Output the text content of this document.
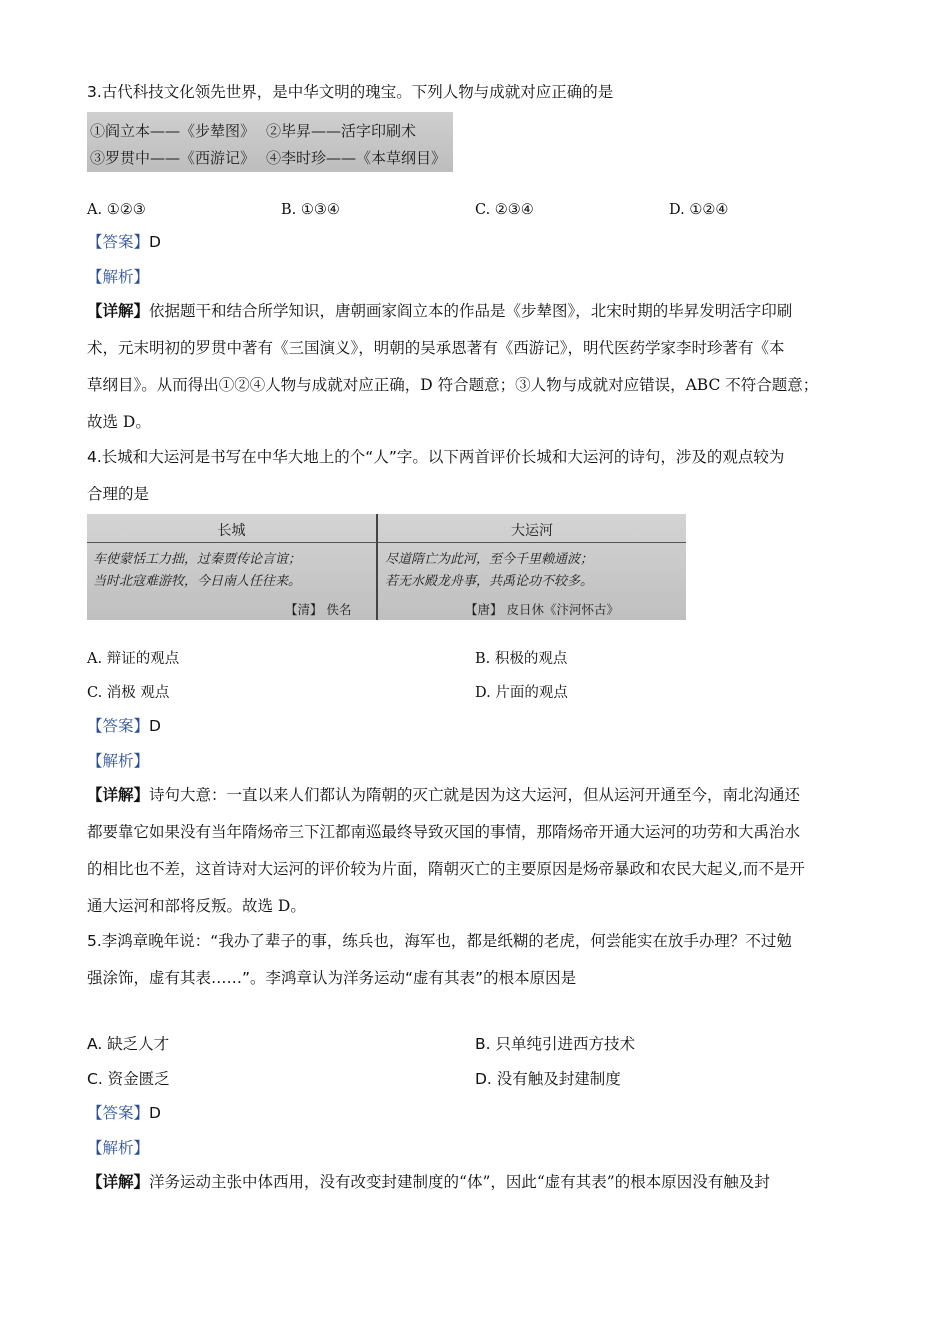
3.古代科技文化领先世界，是中华文明的瑰宝。下列人物与成就对应正确的是
①阎立本——《步辇图》 ②毕昇——活字印刷术
③罗贯中——《西游记》 ④李时珍——《本草纲目》
A. ①②③	B. ①③④	C. ②③④	D. ①②④
【答案】D
【解析】
【详解】依据题干和结合所学知识，唐朝画家阎立本的作品是《步辇图》，北宋时期的毕昇发明活字印刷
术，元末明初的罗贯中著有《三国演义》，明朝的吴承恩著有《西游记》，明代医药学家李时珍著有《本
草纲目》。从而得出①②④人物与成就对应正确，D 符合题意；③人物与成就对应错误，ABC 不符合题意；
故选 D。
4.长城和大运河是书写在中华大地上的个“人”字。以下两首评价长城和大运河的诗句，涉及的观点较为
合理的是
长城	大运河
车使蒙恬工力拙，过秦贾传论言谊；
当时北寇难游牧，今日南人任往来。
【清】 佚名
尽道隋亡为此河，至今千里赖通波；
若无水殿龙舟事，共禹论功不较多。
【唐】 皮日休《汴河怀古》
A. 辩证的观点	B. 积极的观点
C. 消极 观点	D. 片面的观点
【答案】D
【解析】
【详解】诗句大意：一直以来人们都认为隋朝的灭亡就是因为这大运河，但从运河开通至今，南北沟通还
都要靠它如果没有当年隋炀帝三下江都南巡最终导致灭国的事情，那隋炀帝开通大运河的功劳和大禹治水
的相比也不差，这首诗对大运河的评价较为片面，隋朝灭亡的主要原因是炀帝暴政和农民大起义,而不是开
通大运河和部将反叛。故选 D。
5.李鸿章晚年说：“我办了辈子的事，练兵也，海军也，都是纸糊的老虎，何尝能实在放手办理？不过勉
强涂饰，虚有其表……”。李鸿章认为洋务运动“虚有其表”的根本原因是
A. 缺乏人才	B. 只单纯引进西方技术
C. 资金匮乏	D. 没有触及封建制度
【答案】D
【解析】
【详解】洋务运动主张中体西用，没有改变封建制度的“体”，因此“虚有其表”的根本原因没有触及封
